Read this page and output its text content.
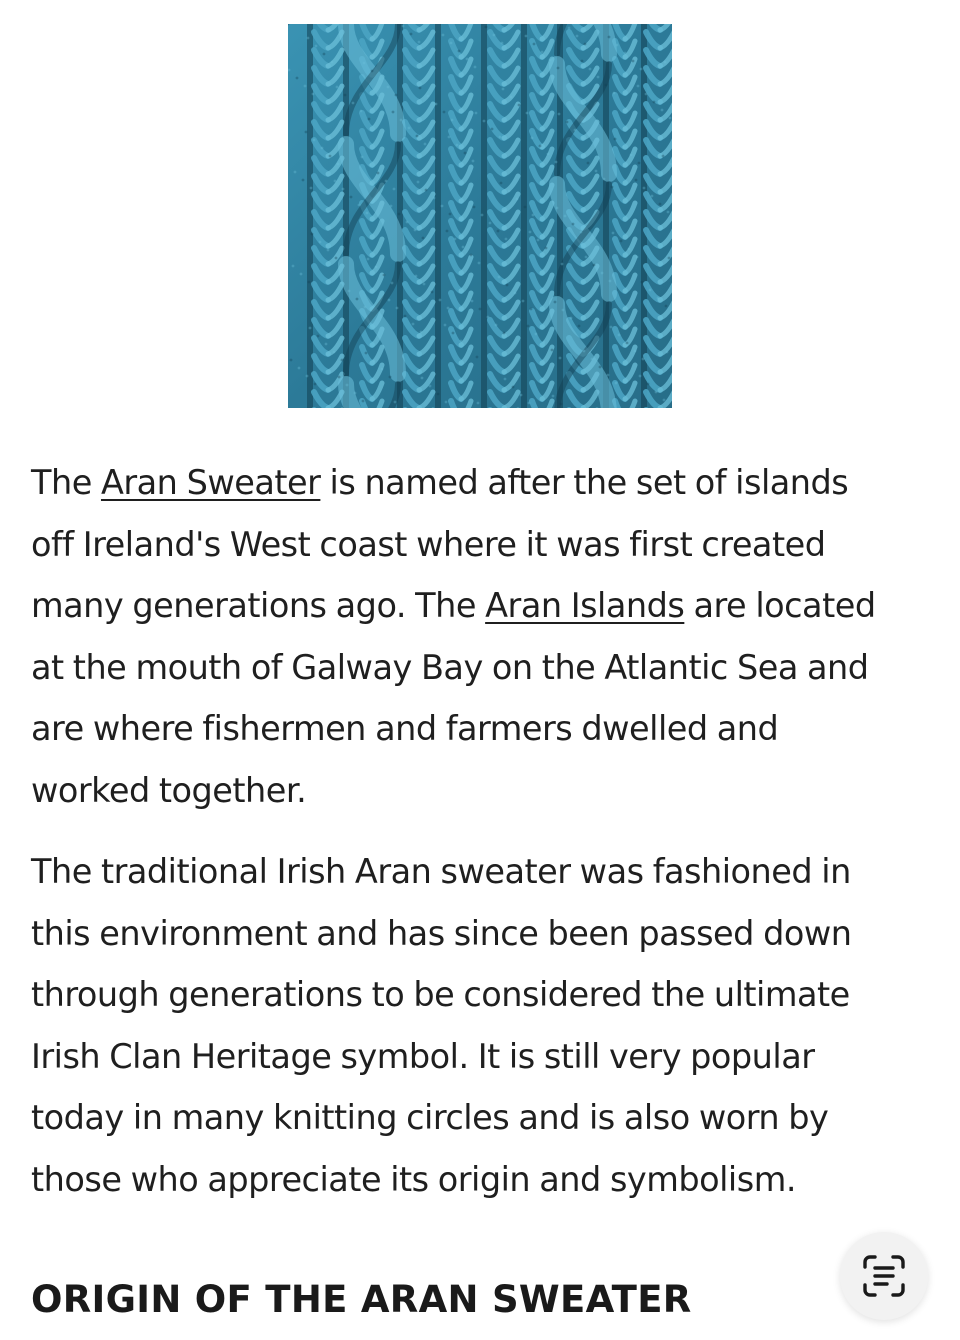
The Aran Sweater is named after the set of islands
off Ireland's West coast where it was first created
many generations ago. The Aran Islands are located
at the mouth of Galway Bay on the Atlantic Sea and
are where fishermen and farmers dwelled and
worked together.

The traditional Irish Aran sweater was fashioned in
this environment and has since been passed down
through generations to be considered the ultimate
Irish Clan Heritage symbol. It is still very popular
today in many knitting circles and is also worn by
those who appreciate its origin and symbolism.

ORIGIN OF THE ARAN SWEATER
